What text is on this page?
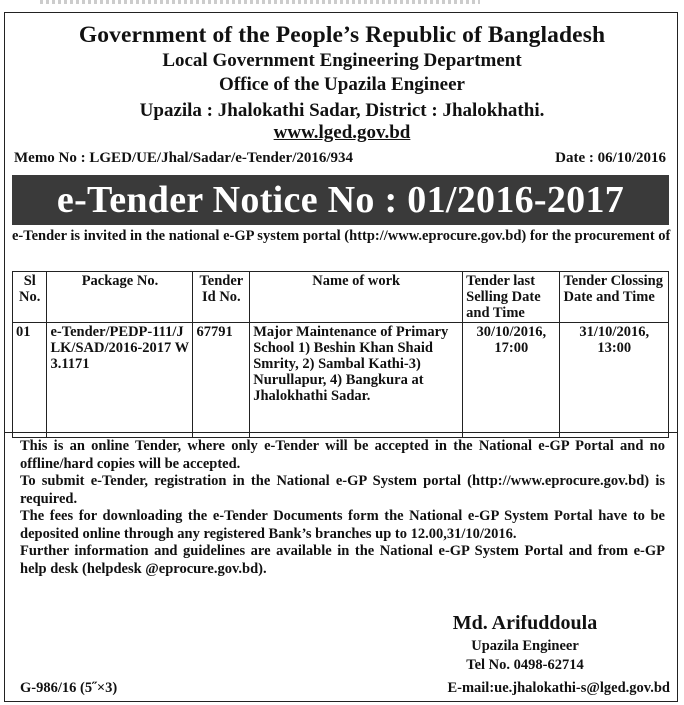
Government of the People’s Republic of Bangladesh
Local Government Engineering Department
Office of the Upazila Engineer
Upazila : Jhalokathi Sadar, District : Jhalokhathi.
www.lged.gov.bd
Memo No : LGED/UE/Jhal/Sadar/e-Tender/2016/934	Date : 06/10/2016
e-Tender Notice No : 01/2016-2017
e-Tender is invited in the national e-GP system portal (http://www.eprocure.gov.bd) for the procurement of
Sl No.	Package No.	Tender Id No.	Name of work	Tender last Selling Date and Time	Tender Clossing Date and Time
01	e-Tender/PEDP-111/JLK/SAD/2016-2017 W3.1171	67791	Major Maintenance of Primary School 1) Beshin Khan Shaid Smrity, 2) Sambal Kathi-3) Nurullapur, 4) Bangkura at Jhalokhathi Sadar.	30/10/2016, 17:00	31/10/2016, 13:00

This is an online Tender, where only e-Tender will be accepted in the National e-GP Portal and no offline/hard copies will be accepted.

To submit e-Tender, registration in the National e-GP System portal (http://www.eprocure.gov.bd) is required.

The fees for downloading the e-Tender Documents form the National e-GP System Portal have to be deposited online through any registered Bank’s branches up to 12.00,31/10/2016.

Further information and guidelines are available in the National e-GP System Portal and from e-GP help desk (helpdesk @eprocure.gov.bd).

Md. Arifuddoula
Upazila Engineer
Tel No. 0498-62714
E-mail:ue.jhalokathi-s@lged.gov.bd
G-986/16 (5˝×3)
